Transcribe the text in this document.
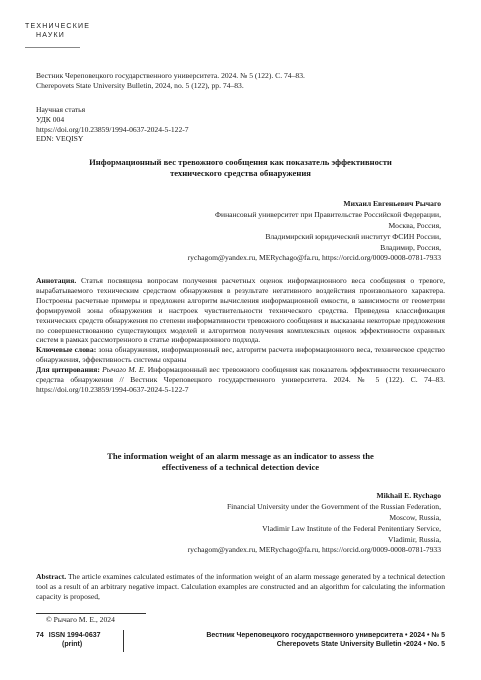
ТЕХНИЧЕСКИЕ
НАУКИ
Вестник Череповецкого государственного университета. 2024. № 5 (122). С. 74–83.
Cherepovets State University Bulletin, 2024, no. 5 (122), pp. 74–83.
Научная статья
УДК 004
https://doi.org/10.23859/1994-0637-2024-5-122-7
EDN: VEQISY
Информационный вес тревожного сообщения как показатель эффективности
технического средства обнаружения
Михаил Евгеньевич Рычаго
Финансовый университет при Правительстве Российской Федерации,
Москва, Россия,
Владимирский юридический институт ФСИН России,
Владимир, Россия,
rychagom@yandex.ru, MERychago@fa.ru, https://orcid.org/0009-0008-0781-7933
Аннотация. Статья посвящена вопросам получения расчетных оценок информационного веса сообщения о тревоге, вырабатываемого техническим средством обнаружения в результате негативного воздействия произвольного характера. Построены расчетные примеры и предложен алгоритм вычисления информационной емкости, в зависимости от геометрии формируемой зоны обнаружения и настроек чувствительности технического средства. Приведена классификация технических средств обнаружения по степени информативности тревожного сообщения и высказаны некоторые предложения по совершенствованию существующих моделей и алгоритмов получения комплексных оценок эффективности охранных систем в рамках рассмотренного в статье информационного подхода.
Ключевые слова: зона обнаружения, информационный вес, алгоритм расчета информационного веса, техническое средство обнаружения, эффективность системы охраны
Для цитирования: Рычаго М. Е. Информационный вес тревожного сообщения как показатель эффективности технического средства обнаружения // Вестник Череповецкого государственного университета. 2024. № 5 (122). С. 74–83. https://doi.org/10.23859/1994-0637-2024-5-122-7
The information weight of an alarm message as an indicator to assess the
effectiveness of a technical detection device
Mikhail E. Rychago
Financial University under the Government of the Russian Federation,
Moscow, Russia,
Vladimir Law Institute of the Federal Penitentiary Service,
Vladimir, Russia,
rychagom@yandex.ru, MERychago@fa.ru, https://orcid.org/0009-0008-0781-7933
Abstract. The article examines calculated estimates of the information weight of an alarm message generated by a technical detection tool as a result of an arbitrary negative impact. Calculation examples are constructed and an algorithm for calculating the information capacity is proposed,
© Рычаго М. Е., 2024
74 ISSN 1994-0637
(print)
Вестник Череповецкого государственного университета • 2024 • № 5
Cherepovets State University Bulletin •2024 • No. 5
